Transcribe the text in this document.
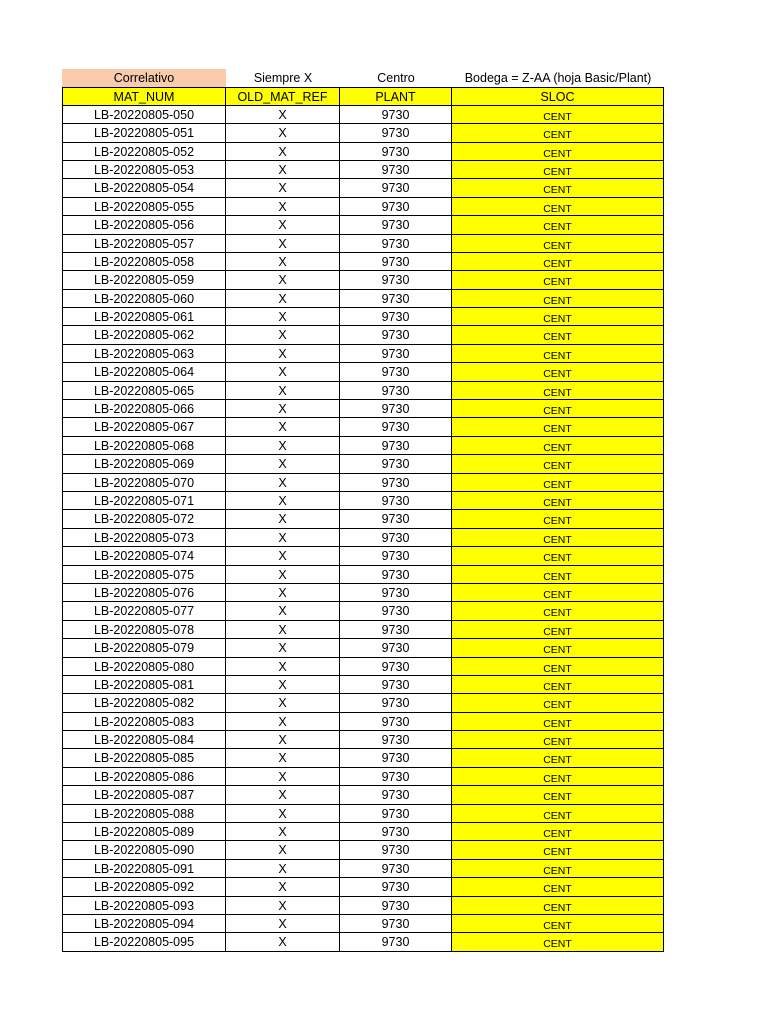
Correlativo	Siempre X	Centro	Bodega = Z-AA (hoja Basic/Plant)
MAT_NUM	OLD_MAT_REF	PLANT	SLOC
LB-20220805-050	X	9730	CENT
LB-20220805-051	X	9730	CENT
LB-20220805-052	X	9730	CENT
LB-20220805-053	X	9730	CENT
LB-20220805-054	X	9730	CENT
LB-20220805-055	X	9730	CENT
LB-20220805-056	X	9730	CENT
LB-20220805-057	X	9730	CENT
LB-20220805-058	X	9730	CENT
LB-20220805-059	X	9730	CENT
LB-20220805-060	X	9730	CENT
LB-20220805-061	X	9730	CENT
LB-20220805-062	X	9730	CENT
LB-20220805-063	X	9730	CENT
LB-20220805-064	X	9730	CENT
LB-20220805-065	X	9730	CENT
LB-20220805-066	X	9730	CENT
LB-20220805-067	X	9730	CENT
LB-20220805-068	X	9730	CENT
LB-20220805-069	X	9730	CENT
LB-20220805-070	X	9730	CENT
LB-20220805-071	X	9730	CENT
LB-20220805-072	X	9730	CENT
LB-20220805-073	X	9730	CENT
LB-20220805-074	X	9730	CENT
LB-20220805-075	X	9730	CENT
LB-20220805-076	X	9730	CENT
LB-20220805-077	X	9730	CENT
LB-20220805-078	X	9730	CENT
LB-20220805-079	X	9730	CENT
LB-20220805-080	X	9730	CENT
LB-20220805-081	X	9730	CENT
LB-20220805-082	X	9730	CENT
LB-20220805-083	X	9730	CENT
LB-20220805-084	X	9730	CENT
LB-20220805-085	X	9730	CENT
LB-20220805-086	X	9730	CENT
LB-20220805-087	X	9730	CENT
LB-20220805-088	X	9730	CENT
LB-20220805-089	X	9730	CENT
LB-20220805-090	X	9730	CENT
LB-20220805-091	X	9730	CENT
LB-20220805-092	X	9730	CENT
LB-20220805-093	X	9730	CENT
LB-20220805-094	X	9730	CENT
LB-20220805-095	X	9730	CENT
